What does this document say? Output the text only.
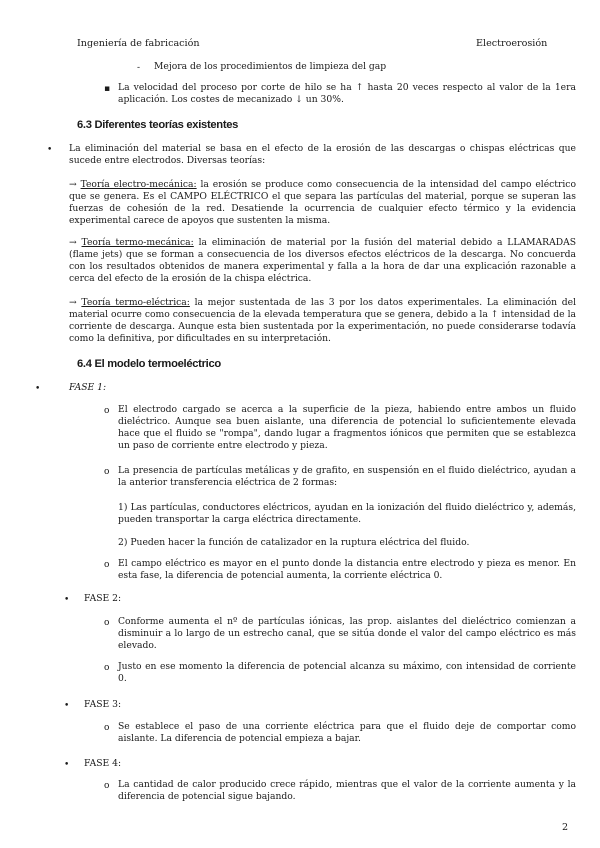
Ingeniería de fabricación	Electroerosión
- Mejora de los procedimientos de limpieza del gap

▪ La velocidad del proceso por corte de hilo se ha ↑ hasta 20 veces respecto al valor de la 1era aplicación. Los costes de mecanizado ↓ un 30%.

6.3 Diferentes teorías existentes
• La eliminación del material se basa en el efecto de la erosión de las descargas o chispas eléctricas que sucede entre electrodos. Diversas teorías:

→ Teoría electro-mecánica: la erosión se produce como consecuencia de la intensidad del campo eléctrico que se genera. Es el CAMPO ELÉCTRICO el que separa las partículas del material, porque se superan las fuerzas de cohesión de la red. Desatiende la ocurrencia de cualquier efecto térmico y la evidencia experimental carece de apoyos que sustenten la misma.

→ Teoría termo-mecánica: la eliminación de material por la fusión del material debido a LLAMARADAS (flame jets) que se forman a consecuencia de los diversos efectos eléctricos de la descarga. No concuerda con los resultados obtenidos de manera experimental y falla a la hora de dar una explicación razonable a cerca del efecto de la erosión de la chispa eléctrica.

→ Teoría termo-eléctrica: la mejor sustentada de las 3 por los datos experimentales. La eliminación del material ocurre como consecuencia de la elevada temperatura que se genera, debido a la ↑ intensidad de la corriente de descarga. Aunque esta bien sustentada por la experimentación, no puede considerarse todavía como la definitiva, por dificultades en su interpretación.

6.4 El modelo termoeléctrico
•	FASE 1:
o El electrodo cargado se acerca a la superficie de la pieza, habiendo entre ambos un fluido dieléctrico. Aunque sea buen aislante, una diferencia de potencial lo suficientemente elevada hace que el fluido se "rompa", dando lugar a fragmentos iónicos que permiten que se establezca un paso de corriente entre electrodo y pieza.

o La presencia de partículas metálicas y de grafito, en suspensión en el fluido dieléctrico, ayudan a la anterior transferencia eléctrica de 2 formas:

1) Las partículas, conductores eléctricos, ayudan en la ionización del fluido dieléctrico y, además, pueden transportar la carga eléctrica directamente.

2) Pueden hacer la función de catalizador en la ruptura eléctrica del fluido.

o El campo eléctrico es mayor en el punto donde la distancia entre electrodo y pieza es menor. En esta fase, la diferencia de potencial aumenta, la corriente eléctrica 0.

• FASE 2:
o Conforme aumenta el nº de partículas iónicas, las prop. aislantes del dieléctrico comienzan a disminuir a lo largo de un estrecho canal, que se sitúa donde el valor del campo eléctrico es más elevado.

o Justo en ese momento la diferencia de potencial alcanza su máximo, con intensidad de corriente 0.

• FASE 3:
o Se establece el paso de una corriente eléctrica para que el fluido deje de comportar como aislante. La diferencia de potencial empieza a bajar.

• FASE 4:
o La cantidad de calor producido crece rápido, mientras que el valor de la corriente aumenta y la diferencia de potencial sigue bajando.

2
